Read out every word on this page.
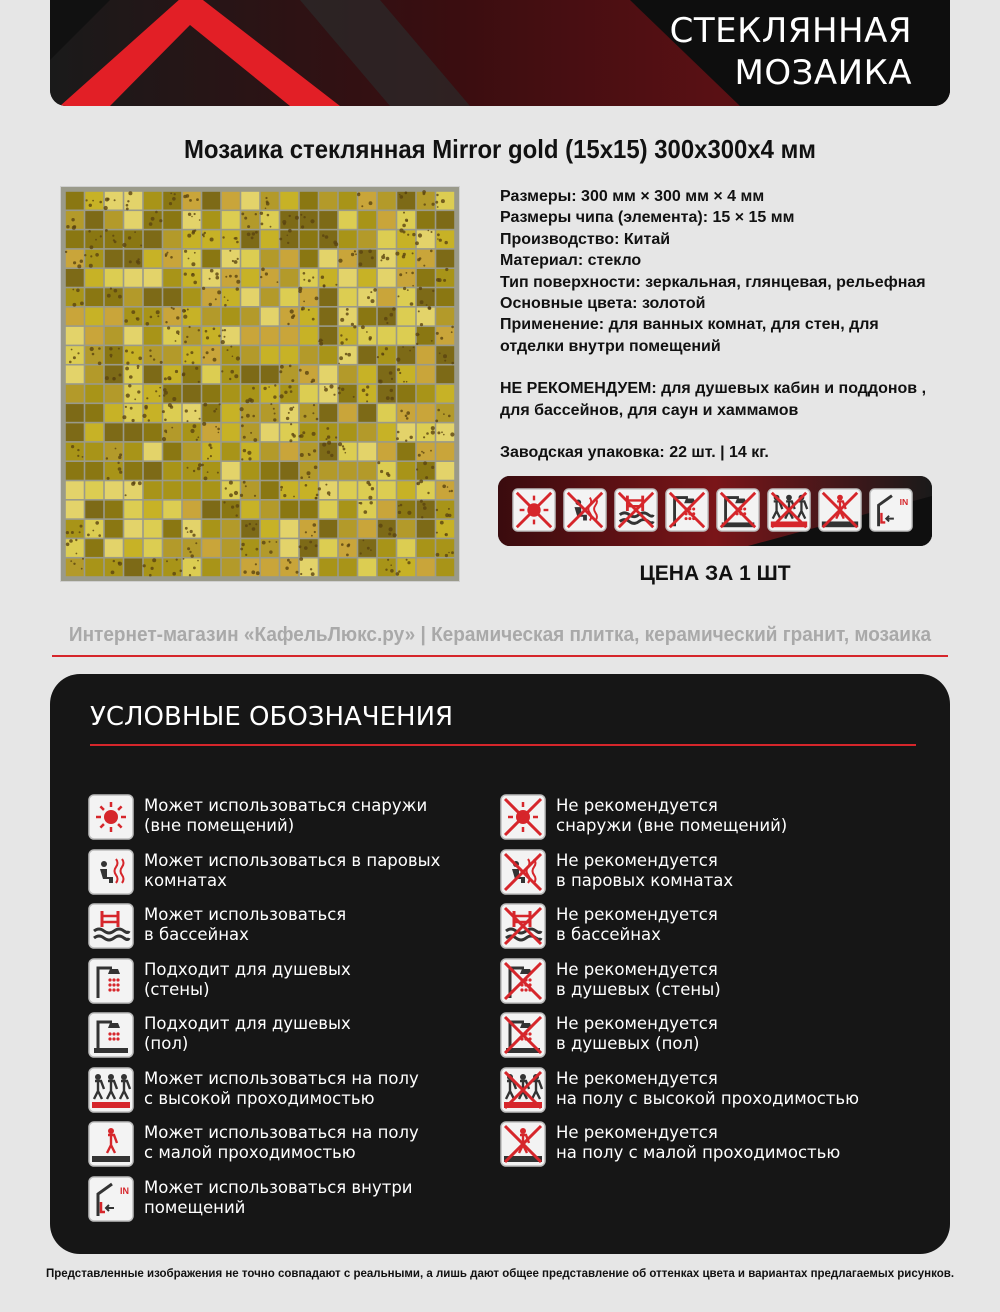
СТЕКЛЯННАЯ
МОЗАИКА
Мозаика стеклянная Mirror gold (15x15) 300x300x4 мм
Размеры: 300 мм × 300 мм × 4 мм
Размеры чипа (элемента): 15 × 15 мм
Производство: Китай
Материал: стекло
Тип поверхности: зеркальная, глянцевая, рельефная
Основные цвета: золотой
Применение: для ванных комнат, для стен, для
отделки внутри помещений
НЕ РЕКОМЕНДУЕМ: для душевых кабин и поддонов ,
для бассейнов, для саун и хаммамов
Заводская упаковка: 22 шт. | 14 кг.
IN
ЦЕНА ЗА 1 ШТ
Интернет-магазин «КафельЛюкс.ру» | Керамическая плитка, керамический гранит, мозаика
УСЛОВНЫЕ ОБОЗНАЧЕНИЯ
Может использоваться снаружи
(вне помещений)
Может использоваться в паровых
комнатах
Может использоваться
в бассейнах
Подходит для душевых
(стены)
Подходит для душевых
(пол)
Может использоваться на полу
с высокой проходимостью
Может использоваться на полу
с малой проходимостью
IN Может использоваться внутри
помещений
Не рекомендуется
снаружи (вне помещений)
Не рекомендуется
в паровых комнатах
Не рекомендуется
в бассейнах
Не рекомендуется
в душевых (стены)
Не рекомендуется
в душевых (пол)
Не рекомендуется
на полу с высокой проходимостью
Не рекомендуется
на полу с малой проходимостью
Представленные изображения не точно совпадают с реальными, а лишь дают общее представление об оттенках цвета и вариантах предлагаемых рисунков.
